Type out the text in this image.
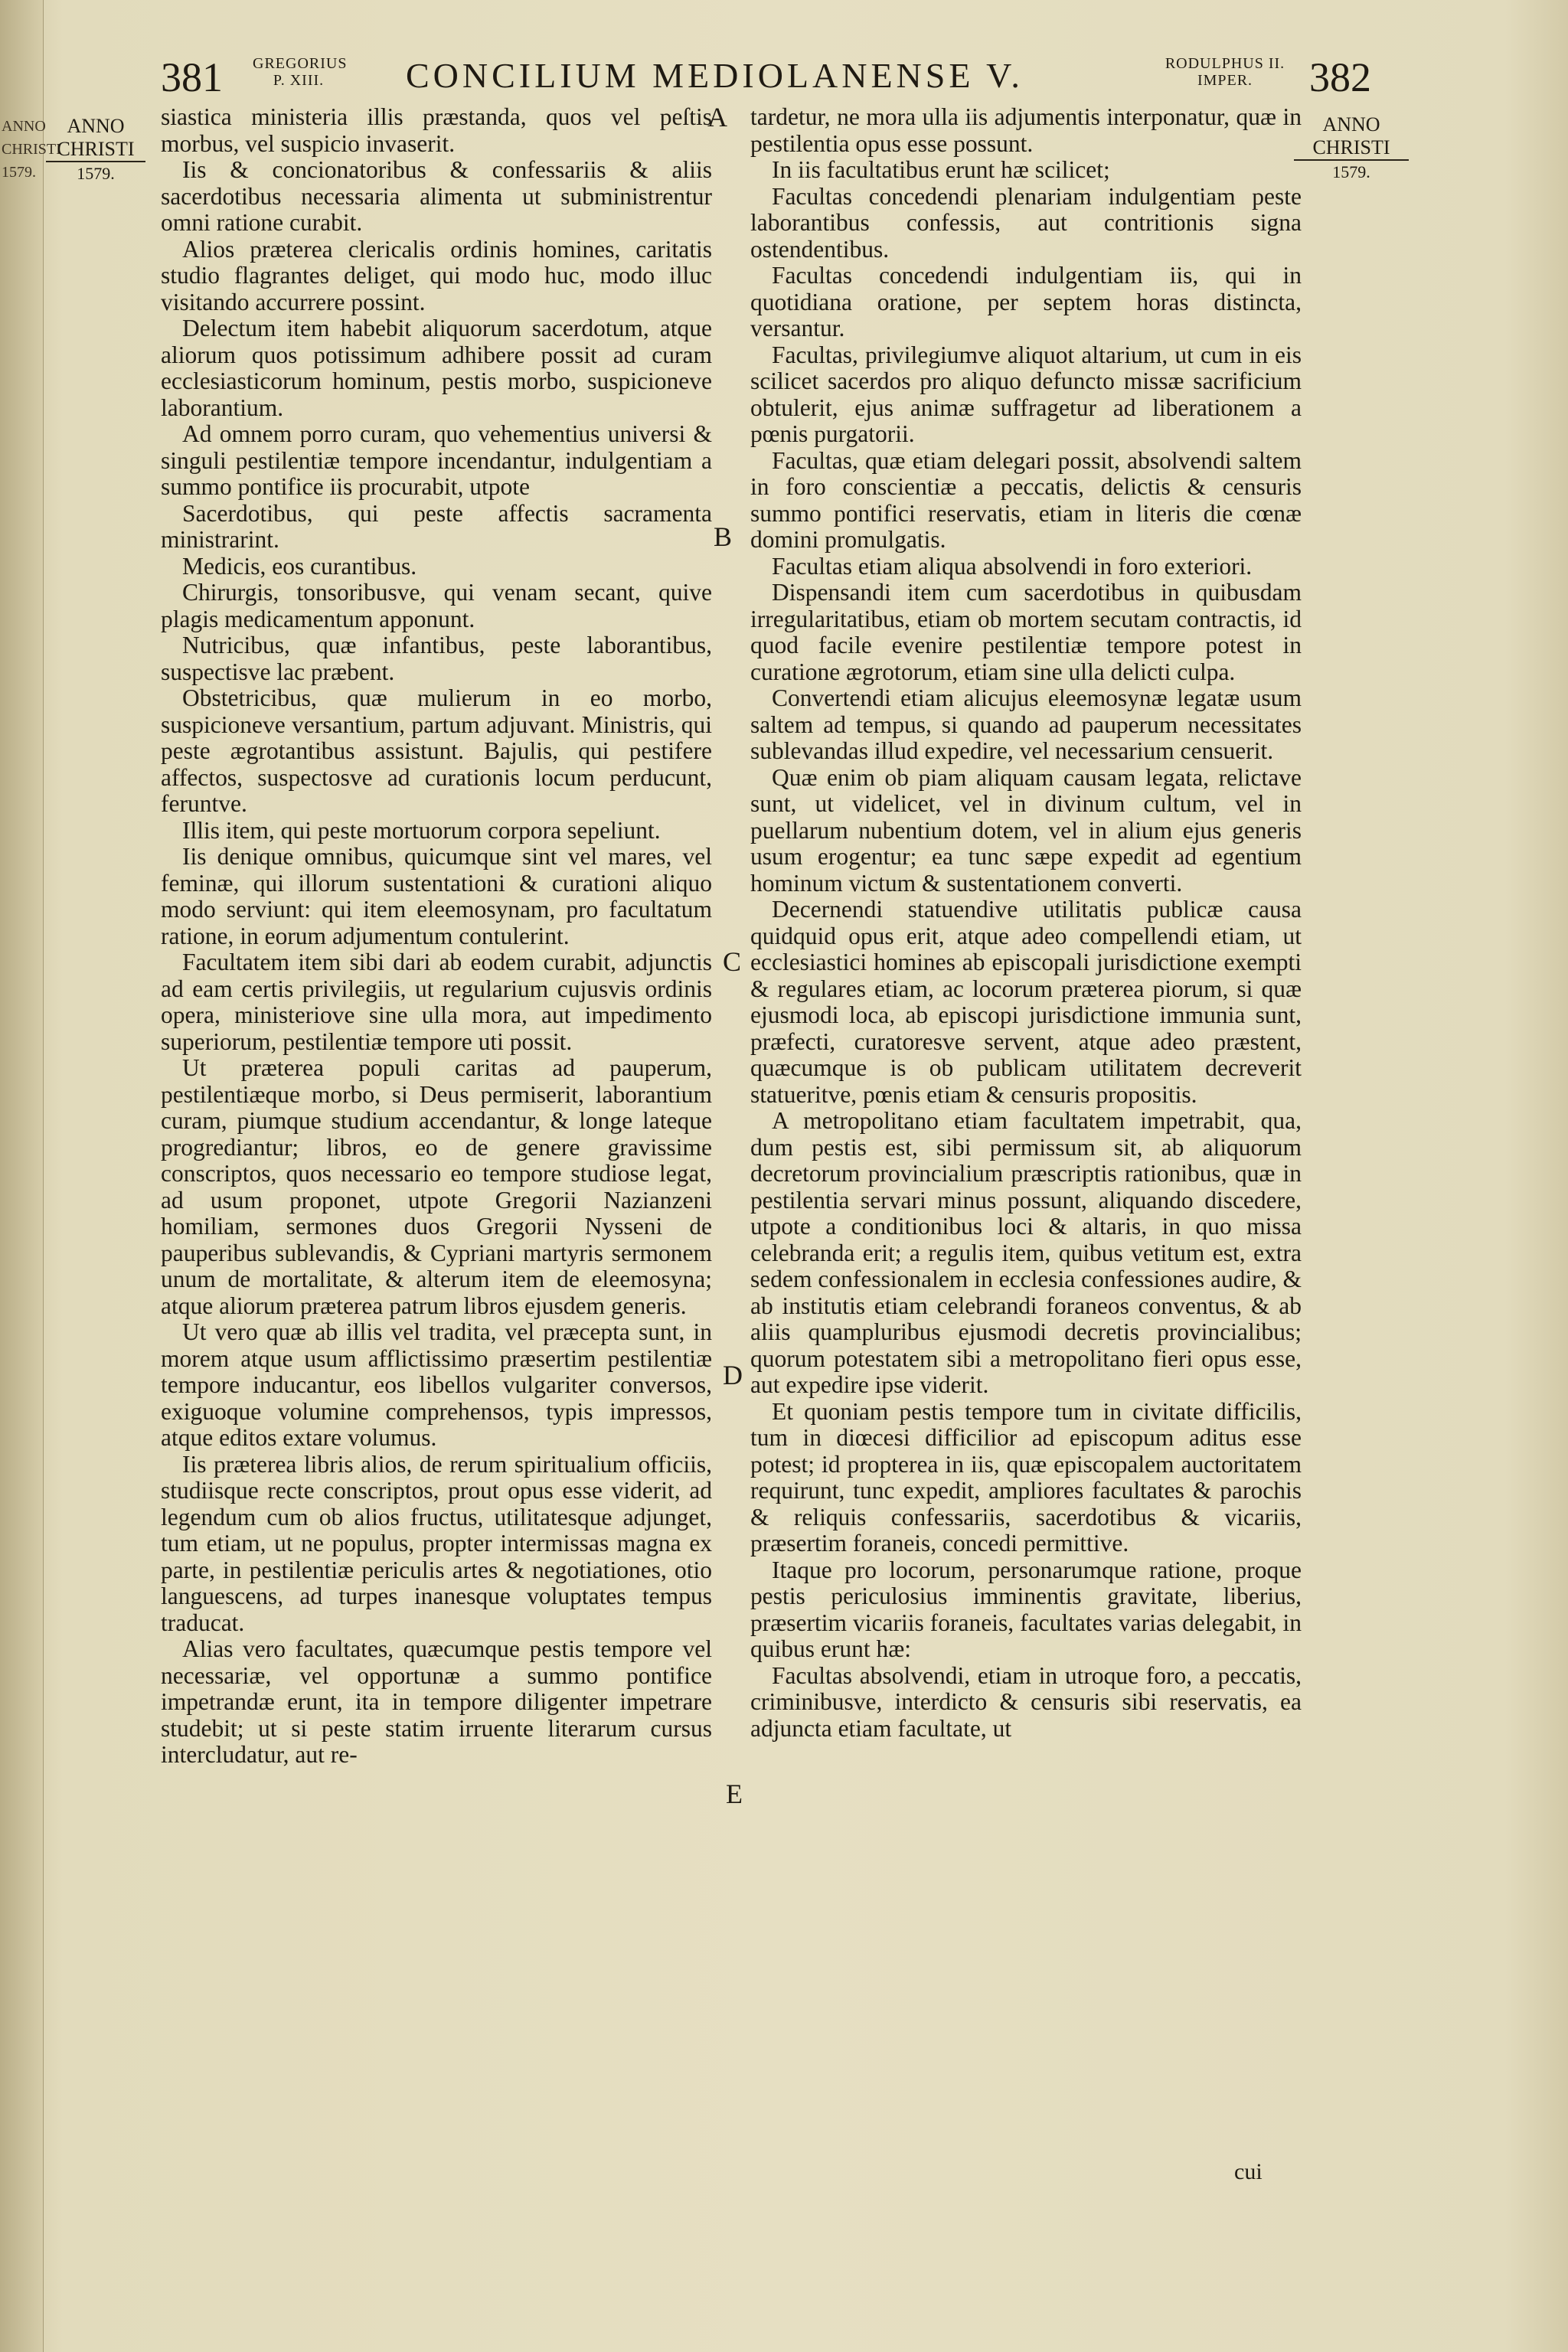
ANNO CHRISTI 1579.
381 GREGORIUS P. XIII.	CONCILIUM MEDIOLANENSE V.	RODULPHUS II. IMPER.	382
ANNO CHRISTI
1579.
ANNO CHRISTI
1579.
A
B
C
D
E

siastica ministeria illis præstanda, quos vel peſtis morbus, vel suspicio invaserit.

Iis & concionatoribus & confessariis & aliis sacerdotibus necessaria alimenta ut subministrentur omni ratione curabit.

Alios præterea clericalis ordinis homines, caritatis studio flagrantes deliget, qui modo huc, modo illuc visitando accurrere possint.

Delectum item habebit aliquorum sacerdotum, atque aliorum quos potissimum adhibere possit ad curam ecclesiasticorum hominum, pestis morbo, suspicioneve laborantium.

Ad omnem porro curam, quo vehementius universi & singuli pestilentiæ tempore incendantur, indulgentiam a summo pontifice iis procurabit, utpote

Sacerdotibus, qui peste affectis sacramenta ministrarint.

Medicis, eos curantibus.

Chirurgis, tonsoribusve, qui venam secant, quive plagis medicamentum apponunt.

Nutricibus, quæ infantibus, peste laborantibus, suspectisve lac præbent.

Obstetricibus, quæ mulierum in eo morbo, suspicioneve versantium, partum adjuvant. Ministris, qui peste ægrotantibus assistunt. Bajulis, qui pestifere affectos, suspectosve ad curationis locum perducunt, feruntve.

Illis item, qui peste mortuorum corpora sepeliunt.

Iis denique omnibus, quicumque sint vel mares, vel feminæ, qui illorum sustentationi & curationi aliquo modo serviunt: qui item eleemosynam, pro facultatum ratione, in eorum adjumentum contulerint.

Facultatem item sibi dari ab eodem curabit, adjunctis ad eam certis privilegiis, ut regularium cujusvis ordinis opera, ministeriove sine ulla mora, aut impedimento superiorum, pestilentiæ tempore uti possit.

Ut præterea populi caritas ad pauperum, pestilentiæque morbo, si Deus permiserit, laborantium curam, piumque studium accendantur, & longe lateque progrediantur; libros, eo de genere gravissime conscriptos, quos necessario eo tempore studiose legat, ad usum proponet, utpote Gregorii Nazianzeni homiliam, sermones duos Gregorii Nysseni de pauperibus sublevandis, & Cypriani martyris sermonem unum de mortalitate, & alterum item de eleemosyna; atque aliorum præterea patrum libros ejusdem generis.

Ut vero quæ ab illis vel tradita, vel præcepta sunt, in morem atque usum afflictissimo præsertim pestilentiæ tempore inducantur, eos libellos vulgariter conversos, exiguoque volumine comprehensos, typis impressos, atque editos extare volumus.

Iis præterea libris alios, de rerum spiritualium officiis, studiisque recte conscriptos, prout opus esse viderit, ad legendum cum ob alios fructus, utilitatesque adjunget, tum etiam, ut ne populus, propter intermissas magna ex parte, in pestilentiæ periculis artes & negotiationes, otio languescens, ad turpes inanesque voluptates tempus traducat.

Alias vero facultates, quæcumque pestis tempore vel necessariæ, vel opportunæ a summo pontifice impetrandæ erunt, ita in tempore diligenter impetrare studebit; ut si peste statim irruente literarum cursus intercludatur, aut re-

tardetur, ne mora ulla iis adjumentis interponatur, quæ in pestilentia opus esse possunt.

In iis facultatibus erunt hæ scilicet;

Facultas concedendi plenariam indulgentiam peste laborantibus confessis, aut contritionis signa ostendentibus.

Facultas concedendi indulgentiam iis, qui in quotidiana oratione, per septem horas distincta, versantur.

Facultas, privilegiumve aliquot altarium, ut cum in eis scilicet sacerdos pro aliquo defuncto missæ sacrificium obtulerit, ejus animæ suffragetur ad liberationem a pœnis purgatorii.

Facultas, quæ etiam delegari possit, absolvendi saltem in foro conscientiæ a peccatis, delictis & censuris summo pontifici reservatis, etiam in literis die cœnæ domini promulgatis.

Facultas etiam aliqua absolvendi in foro exteriori.

Dispensandi item cum sacerdotibus in quibusdam irregularitatibus, etiam ob mortem secutam contractis, id quod facile evenire pestilentiæ tempore potest in curatione ægrotorum, etiam sine ulla delicti culpa.

Convertendi etiam alicujus eleemosynæ legatæ usum saltem ad tempus, si quando ad pauperum necessitates sublevandas illud expedire, vel necessarium censuerit.

Quæ enim ob piam aliquam causam legata, relictave sunt, ut videlicet, vel in divinum cultum, vel in puellarum nubentium dotem, vel in alium ejus generis usum erogentur; ea tunc sæpe expedit ad egentium hominum victum & sustentationem converti.

Decernendi statuendive utilitatis publicæ causa quidquid opus erit, atque adeo compellendi etiam, ut ecclesiastici homines ab episcopali jurisdictione exempti & regulares etiam, ac locorum præterea piorum, si quæ ejusmodi loca, ab episcopi jurisdictione immunia sunt, præfecti, curatoresve servent, atque adeo præstent, quæcumque is ob publicam utilitatem decreverit statueritve, pœnis etiam & censuris propositis.

A metropolitano etiam facultatem impetrabit, qua, dum pestis est, sibi permissum sit, ab aliquorum decretorum provincialium præscriptis rationibus, quæ in pestilentia servari minus possunt, aliquando discedere, utpote a conditionibus loci & altaris, in quo missa celebranda erit; a regulis item, quibus vetitum est, extra sedem confessionalem in ecclesia confessiones audire, & ab institutis etiam celebrandi foraneos conventus, & ab aliis quampluribus ejusmodi decretis provincialibus; quorum potestatem sibi a metropolitano fieri opus esse, aut expedire ipse viderit.

Et quoniam pestis tempore tum in civitate difficilis, tum in diœcesi difficilior ad episcopum aditus esse potest; id propterea in iis, quæ episcopalem auctoritatem requirunt, tunc expedit, ampliores facultates & parochis & reliquis confessariis, sacerdotibus & vicariis, præsertim foraneis, concedi permittive.

Itaque pro locorum, personarumque ratione, proque pestis periculosius imminentis gravitate, liberius, præsertim vicariis foraneis, facultates varias delegabit, in quibus erunt hæ:

Facultas absolvendi, etiam in utroque foro, a peccatis, criminibusve, interdicto & censuris sibi reservatis, ea adjuncta etiam facultate, ut

cui
